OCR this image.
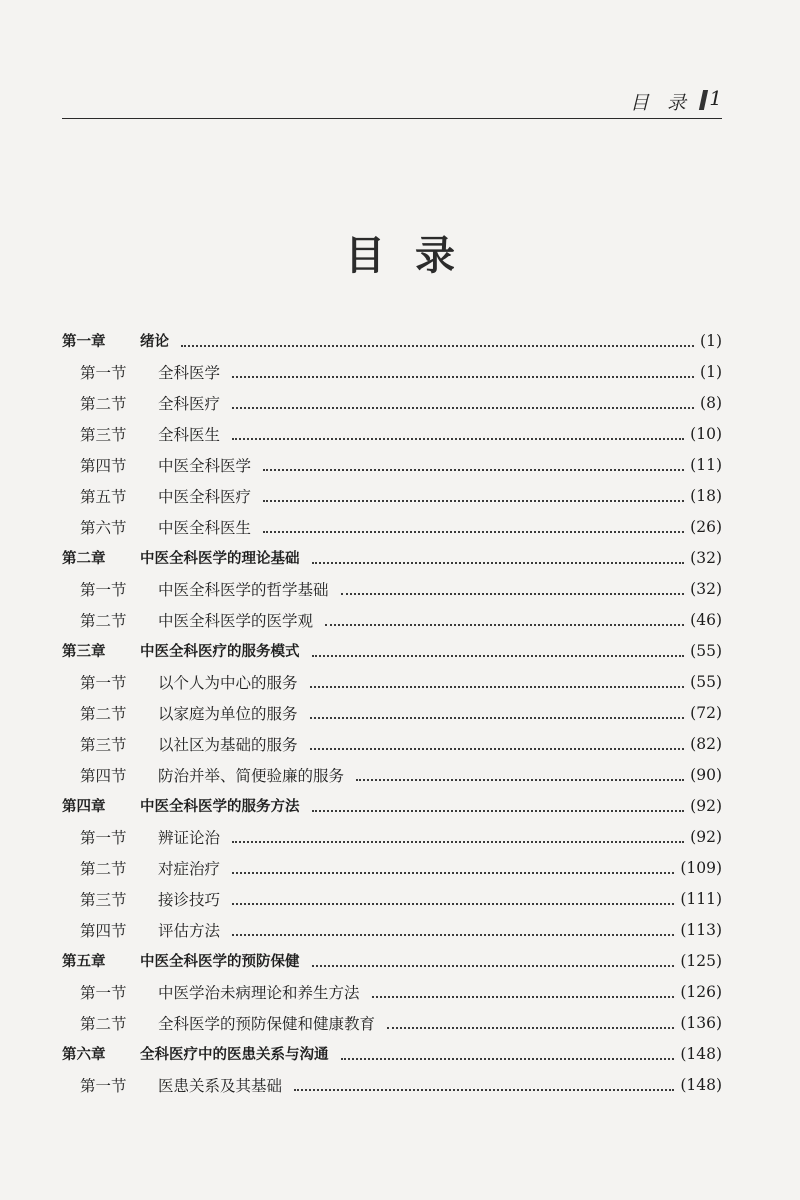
目 录 1
目录
第一章	绪论	(1)
第一节	全科医学	(1)
第二节	全科医疗	(8)
第三节	全科医生	(10)
第四节	中医全科医学	(11)
第五节	中医全科医疗	(18)
第六节	中医全科医生	(26)
第二章	中医全科医学的理论基础	(32)
第一节	中医全科医学的哲学基础	(32)
第二节	中医全科医学的医学观	(46)
第三章	中医全科医疗的服务模式	(55)
第一节	以个人为中心的服务	(55)
第二节	以家庭为单位的服务	(72)
第三节	以社区为基础的服务	(82)
第四节	防治并举、简便验廉的服务	(90)
第四章	中医全科医学的服务方法	(92)
第一节	辨证论治	(92)
第二节	对症治疗	(109)
第三节	接诊技巧	(111)
第四节	评估方法	(113)
第五章	中医全科医学的预防保健	(125)
第一节	中医学治未病理论和养生方法	(126)
第二节	全科医学的预防保健和健康教育	(136)
第六章	全科医疗中的医患关系与沟通	(148)
第一节	医患关系及其基础	(148)
